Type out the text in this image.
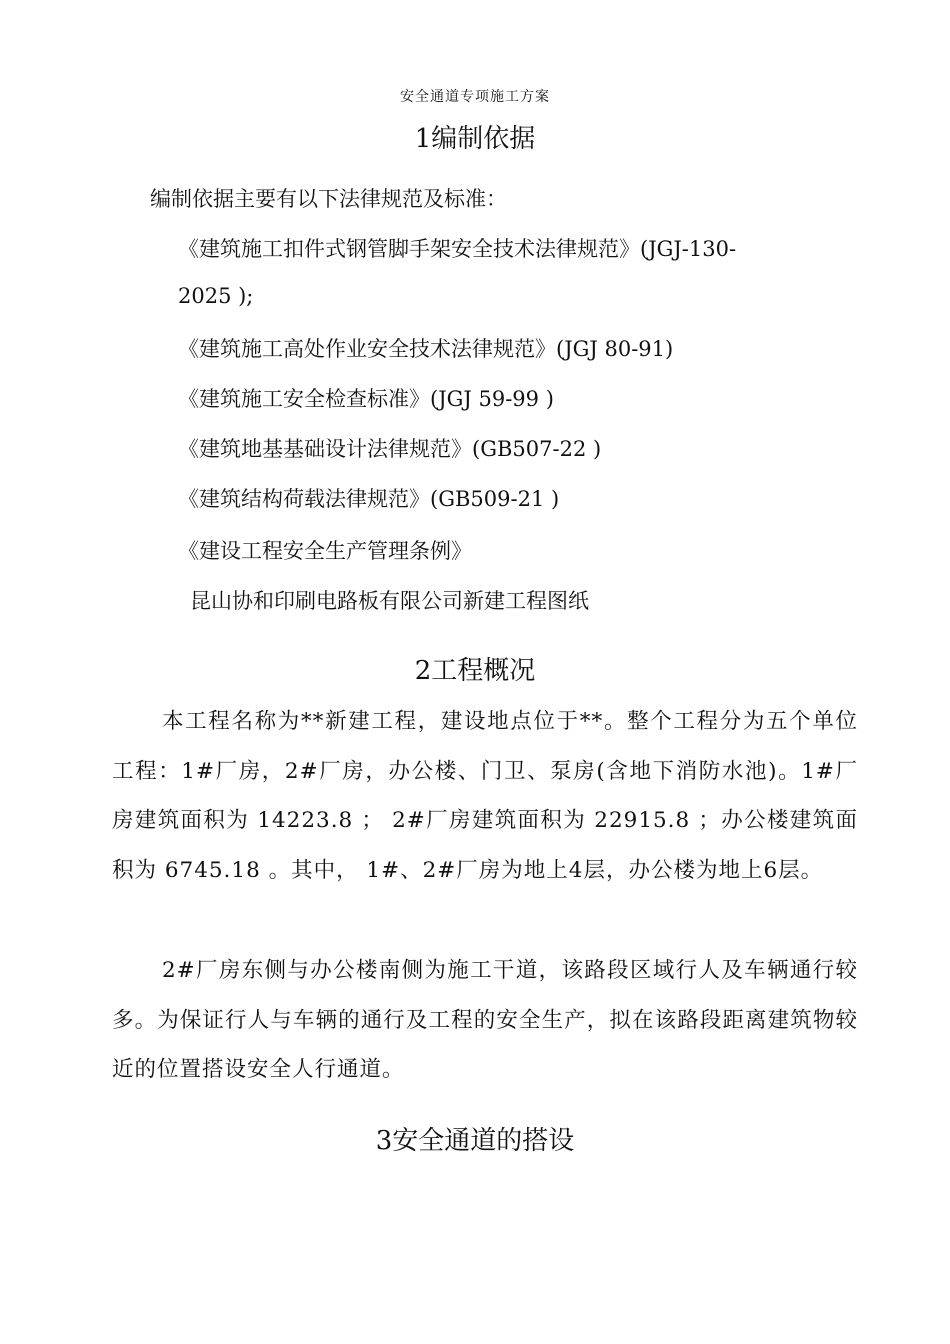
安全通道专项施工方案
1编制依据
编制依据主要有以下法律规范及标准：
《建筑施工扣件式钢管脚手架安全技术法律规范》(JGJ-130-
2025 );
《建筑施工高处作业安全技术法律规范》(JGJ 80-91)
《建筑施工安全检查标准》(JGJ 59-99 )
《建筑地基基础设计法律规范》(GB507-22 )
《建筑结构荷载法律规范》(GB509-21 )
《建设工程安全生产管理条例》
昆山协和印刷电路板有限公司新建工程图纸
2工程概况
本工程名称为**新建工程，建设地点位于**。整个工程分为五个单位工程：1#厂房，2#厂房，办公楼、门卫、泵房(含地下消防水池)。1#厂房建筑面积为 14223.8 ； 2#厂房建筑面积为 22915.8 ；办公楼建筑面积为 6745.18 。其中， 1#、2#厂房为地上4层，办公楼为地上6层。
2#厂房东侧与办公楼南侧为施工干道，该路段区域行人及车辆通行较多。为保证行人与车辆的通行及工程的安全生产，拟在该路段距离建筑物较近的位置搭设安全人行通道。
3安全通道的搭设
